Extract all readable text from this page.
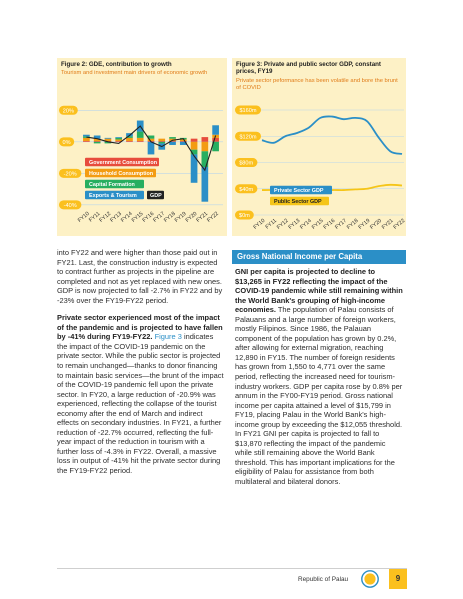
Figure 2: GDE, contribution to growth
Tourism and investment main drivers of economic growth
20%
0%
-20%
-40%
Government Consumption
Household Consumption
Capital Formation
Exports & Tourism GDP
FY10
FY11
FY12
FY13
FY14
FY15
FY16
FY17
FY18
FY19
FY20
FY21
FY22
Figure 3: Private and public sector GDP, constant prices, FY19
Private sector peformance has been volatile and bore the brunt of COVID
$160m
$120m
$80m
$40m
$0m
Private Sector GDP
Public Sector GDP
FY10
FY11
FY12
FY13
FY14
FY15
FY16
FY17
FY18
FY19
FY20
FY21
FY22

into FY22 and were higher than those paid out in FY21. Last, the construction industry is expected to contract further as projects in the pipeline are completed and not as yet replaced with new ones. GDP is now projected to fall -2.7% in FY22 and by -23% over the FY19-FY22 period.

Private sector experienced most of the impact of the pandemic and is projected to have fallen by -41% during FY19-FY22. Figure 3 indicates the impact of the COVID-19 pandemic on the private sector. While the public sector is projected to remain unchanged—thanks to donor financing to maintain basic services—the brunt of the impact of the COVID-19 pandemic fell upon the private sector. In FY20, a large reduction of -20.9% was experienced, reflecting the collapse of the tourist economy after the end of March and indirect effects on secondary industries. In FY21, a further reduction of -22.7% occurred, reflecting the full-year impact of the reduction in tourism with a further loss of -4.3% in FY22. Overall, a massive loss in output of -41% hit the private sector during the FY19-FY22 period.

Gross National Income per Capita

GNI per capita is projected to decline to $13,265 in FY22 reflecting the impact of the COVID-19 pandemic while still remaining within the World Bank's grouping of high-income economies. The population of Palau consists of Palauans and a large number of foreign workers, mostly Filipinos. Since 1986, the Palauan component of the population has grown by 0.2%, after allowing for external migration, reaching 12,890 in FY15. The number of foreign residents has grown from 1,550 to 4,771 over the same period, reflecting the increased need for tourism-industry workers. GDP per capita rose by 0.8% per annum in the FY00-FY19 period. Gross national income per capita attained a level of $15,799 in FY19, placing Palau in the World Bank's high-income group by exceeding the $12,055 threshold. In FY21 GNI per capita is projected to fall to $13,870 reflecting the impact of the pandemic while still remaining above the World Bank threshold. This has important implications for the eligibility of Palau for assistance from both multilateral and bilateral donors.

Republic of Palau	9
